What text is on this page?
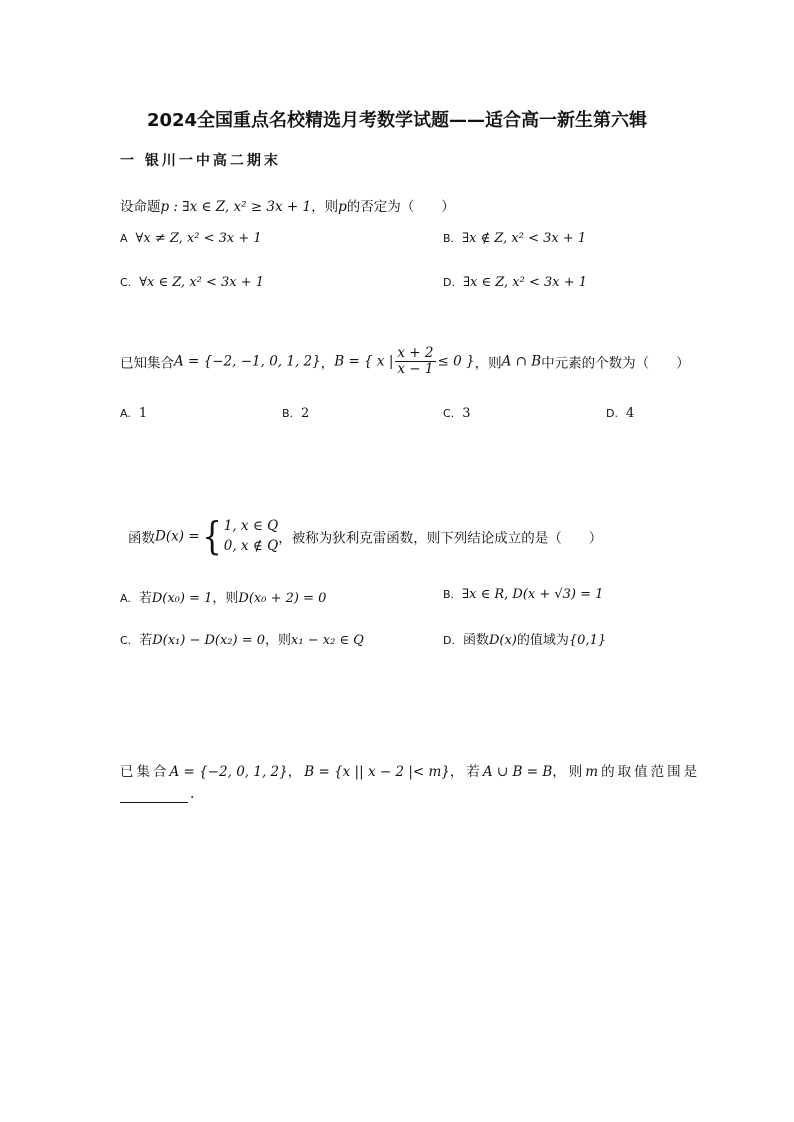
2024全国重点名校精选月考数学试题——适合高一新生第六辑
一 银川一中高二期末
设命题p : ∃x ∈ Z, x² ≥ 3x + 1，则p的否定为（　　）
A ∀x ≠ Z, x² < 3x + 1	B. ∃x ∉ Z, x² < 3x + 1
C. ∀x ∈ Z, x² < 3x + 1	D. ∃x ∈ Z, x² < 3x + 1
已知集合A = {−2, −1, 0, 1, 2}，B = { x | $\frac{x + 2}{x - 1} \le 0$ }，则A ∩ B中元素的个数为（　　）
A. 1	B. 2	C. 3	D. 4
函数D(x) ={ 1, x ∈ Q
0, x ∉ Q ，被称为狄利克雷函数，则下列结论成立的是（　　）
A. 若D(x₀) = 1，则D(x₀ + 2) = 0	B. ∃x ∈ R, D(x + √3) = 1
C. 若D(x₁) − D(x₂) = 0，则x₁ − x₂ ∈ Q	D. 函数D(x)的值域为{0,1}
已集合A = {−2, 0, 1, 2}，B = {x || x − 2 |< m}，若A ∪ B = B，则m的取值范围是
.
